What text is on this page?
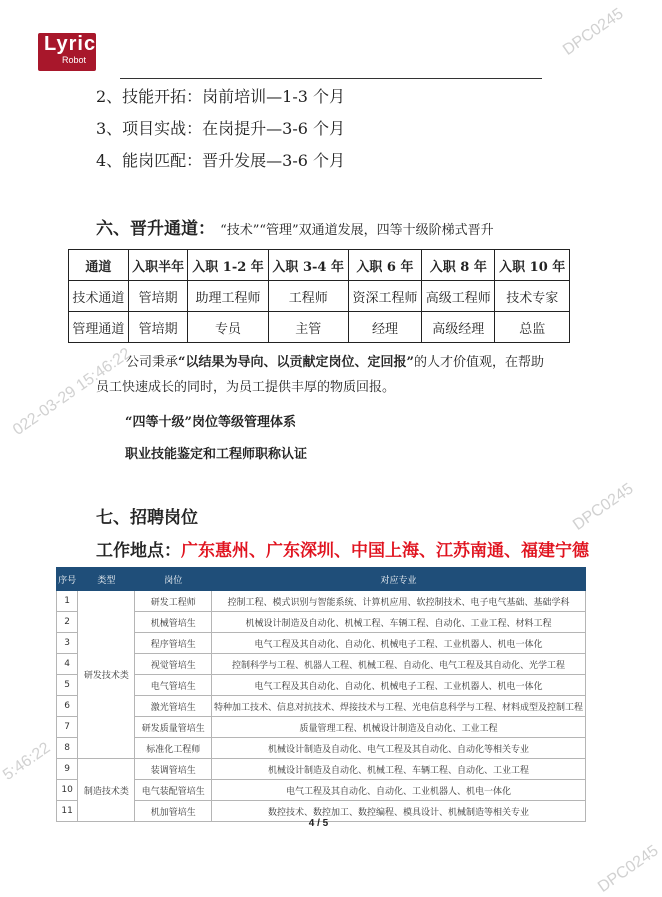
Lyric
Robot
DPC0245
022-03-29 15:46:22
DPC0245
5:46:22
DPC0245
2、技能开拓：岗前培训—1-3 个月
3、项目实战：在岗提升—3-6 个月
4、能岗匹配：晋升发展—3-6 个月
六、晋升通道： “技术”“管理”双通道发展，四等十级阶梯式晋升
通道	入职半年	入职 1-2 年	入职 3-4 年	入职 6 年	入职 8 年	入职 10 年
技术通道	管培期	助理工程师	工程师	资深工程师	高级工程师	技术专家
管理通道	管培期	专员	主管	经理	高级经理	总监
公司秉承“以结果为导向、以贡献定岗位、定回报”的人才价值观，在帮助
员工快速成长的同时，为员工提供丰厚的物质回报。
“四等十级”岗位等级管理体系
职业技能鉴定和工程师职称认证
七、招聘岗位
工作地点：广东惠州、广东深圳、中国上海、江苏南通、福建宁德
序号	类型	岗位	对应专业
1	研发技术类	研发工程师	控制工程、模式识别与智能系统、计算机应用、软控制技术、电子电气基础、基础学科
2		机械管培生	机械设计制造及自动化、机械工程、车辆工程、自动化、工业工程、材料工程
3		程序管培生	电气工程及其自动化、自动化、机械电子工程、工业机器人、机电一体化
4		视觉管培生	控制科学与工程、机器人工程、机械工程、自动化、电气工程及其自动化、光学工程
5		电气管培生	电气工程及其自动化、自动化、机械电子工程、工业机器人、机电一体化
6		激光管培生	特种加工技术、信息对抗技术、焊接技术与工程、光电信息科学与工程、材料成型及控制工程
7		研发质量管培生	质量管理工程、机械设计制造及自动化、工业工程
8		标准化工程师	机械设计制造及自动化、电气工程及其自动化、自动化等相关专业
9	制造技术类	装调管培生	机械设计制造及自动化、机械工程、车辆工程、自动化、工业工程
10		电气装配管培生	电气工程及其自动化、自动化、工业机器人、机电一体化
11		机加管培生	数控技术、数控加工、数控编程、模具设计、机械制造等相关专业
4 / 5
